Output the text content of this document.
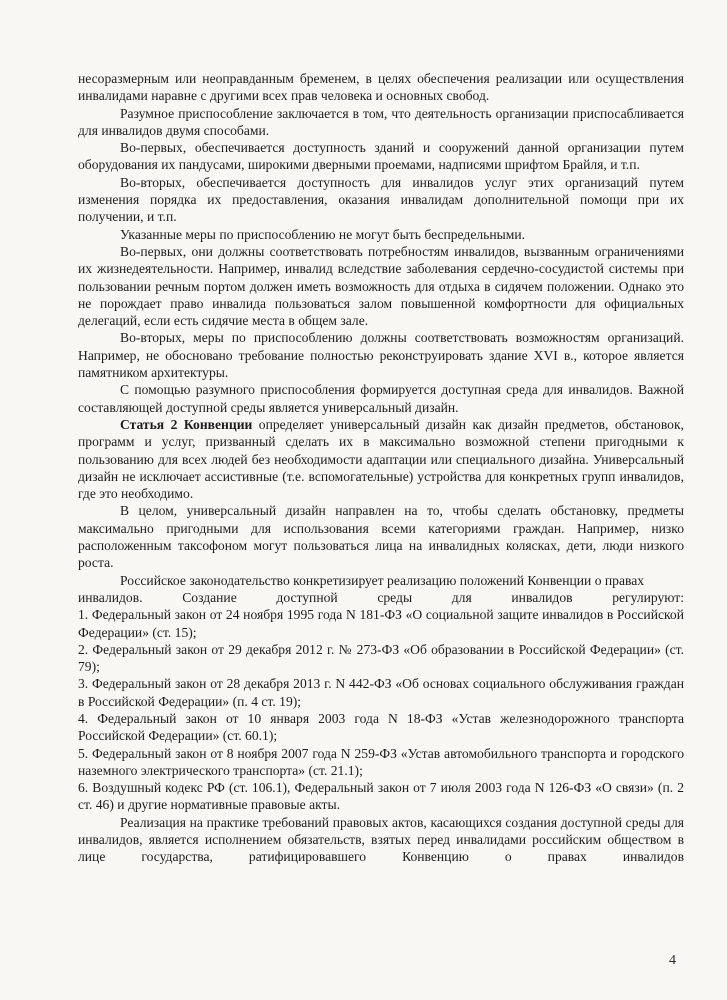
несоразмерным или неоправданным бременем, в целях обеспечения реализации или осуществления инвалидами наравне с другими всех прав человека и основных свобод.

Разумное приспособление заключается в том, что деятельность организации приспосабливается для инвалидов двумя способами.

Во-первых, обеспечивается доступность зданий и сооружений данной организации путем оборудования их пандусами, широкими дверными проемами, надписями шрифтом Брайля, и т.п.

Во-вторых, обеспечивается доступность для инвалидов услуг этих организаций путем изменения порядка их предоставления, оказания инвалидам дополнительной помощи при их получении, и т.п.

Указанные меры по приспособлению не могут быть беспредельными.

Во-первых, они должны соответствовать потребностям инвалидов, вызванным ограничениями их жизнедеятельности. Например, инвалид вследствие заболевания сердечно-сосудистой системы при пользовании речным портом должен иметь возможность для отдыха в сидячем положении. Однако это не порождает право инвалида пользоваться залом повышенной комфортности для официальных делегаций, если есть сидячие места в общем зале.

Во-вторых, меры по приспособлению должны соответствовать возможностям организаций. Например, не обосновано требование полностью реконструировать здание XVI в., которое является памятником архитектуры.

С помощью разумного приспособления формируется доступная среда для инвалидов. Важной составляющей доступной среды является универсальный дизайн.

Статья 2 Конвенции определяет универсальный дизайн как дизайн предметов, обстановок, программ и услуг, призванный сделать их в максимально возможной степени пригодными к пользованию для всех людей без необходимости адаптации или специального дизайна. Универсальный дизайн не исключает ассистивные (т.е. вспомогательные) устройства для конкретных групп инвалидов, где это необходимо.

В целом, универсальный дизайн направлен на то, чтобы сделать обстановку, предметы максимально пригодными для использования всеми категориями граждан. Например, низко расположенным таксофоном могут пользоваться лица на инвалидных колясках, дети, люди низкого роста.

Российское законодательство конкретизирует реализацию положений Конвенции о правах

инвалидов. Создание доступной среды для инвалидов регулируют:

1. Федеральный закон от 24 ноября 1995 года N 181-ФЗ «О социальной защите инвалидов в Российской Федерации» (ст. 15);

2. Федеральный закон от 29 декабря 2012 г. № 273-ФЗ «Об образовании в Российской Федерации» (ст. 79);

3. Федеральный закон от 28 декабря 2013 г. N 442-ФЗ «Об основах социального обслуживания граждан в Российской Федерации» (п. 4 ст. 19);

4. Федеральный закон от 10 января 2003 года N 18-ФЗ «Устав железнодорожного транспорта Российской Федерации» (ст. 60.1);

5. Федеральный закон от 8 ноября 2007 года N 259-ФЗ «Устав автомобильного транспорта и городского наземного электрического транспорта» (ст. 21.1);

6. Воздушный кодекс РФ (ст. 106.1), Федеральный закон от 7 июля 2003 года N 126-ФЗ «О связи» (п. 2 ст. 46) и другие нормативные правовые акты.

Реализация на практике требований правовых актов, касающихся создания доступной среды для инвалидов, является исполнением обязательств, взятых перед инвалидами российским обществом в лице государства, ратифицировавшего Конвенцию о правах инвалидов

4
